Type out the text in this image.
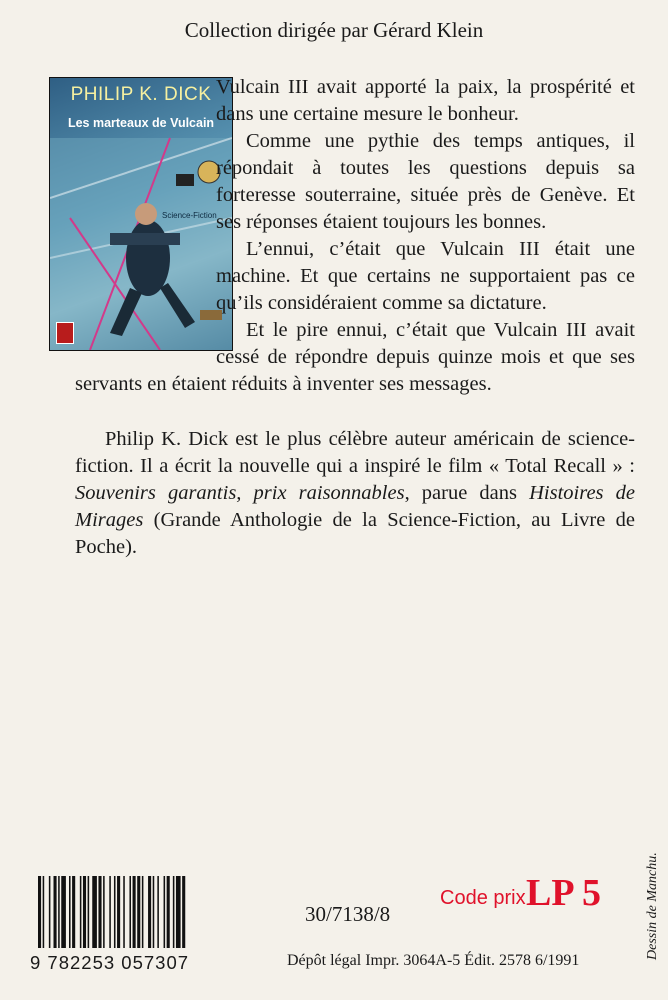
Collection dirigée par Gérard Klein
PHILIP K. DICK
Les marteaux de Vulcain
Science-Fiction

Vulcain III avait apporté la paix, la prospérité et dans une certaine mesure le bonheur.

Comme une pythie des temps antiques, il répondait à toutes les questions depuis sa forteresse souterraine, située près de Genève. Et ses réponses étaient toujours les bonnes.

L’ennui, c’était que Vulcain III était une machine. Et que certains ne supportaient pas ce qu’ils considéraient comme sa dictature.

Et le pire ennui, c’était que Vulcain III avait cessé de répondre depuis quinze mois et que ses servants en étaient réduits à inventer ses messages.

Philip K. Dick est le plus célèbre auteur américain de science-fiction. Il a écrit la nouvelle qui a inspiré le film « Total Recall » : Souvenirs garantis, prix raisonnables, parue dans Histoires de Mirages (Grande Anthologie de la Science-Fiction, au Livre de Poche).

9 782253 057307
30/7138/8
Code prix LP 5
Dépôt légal Impr. 3064A-5 Édit. 2578 6/1991
Dessin de Manchu.
